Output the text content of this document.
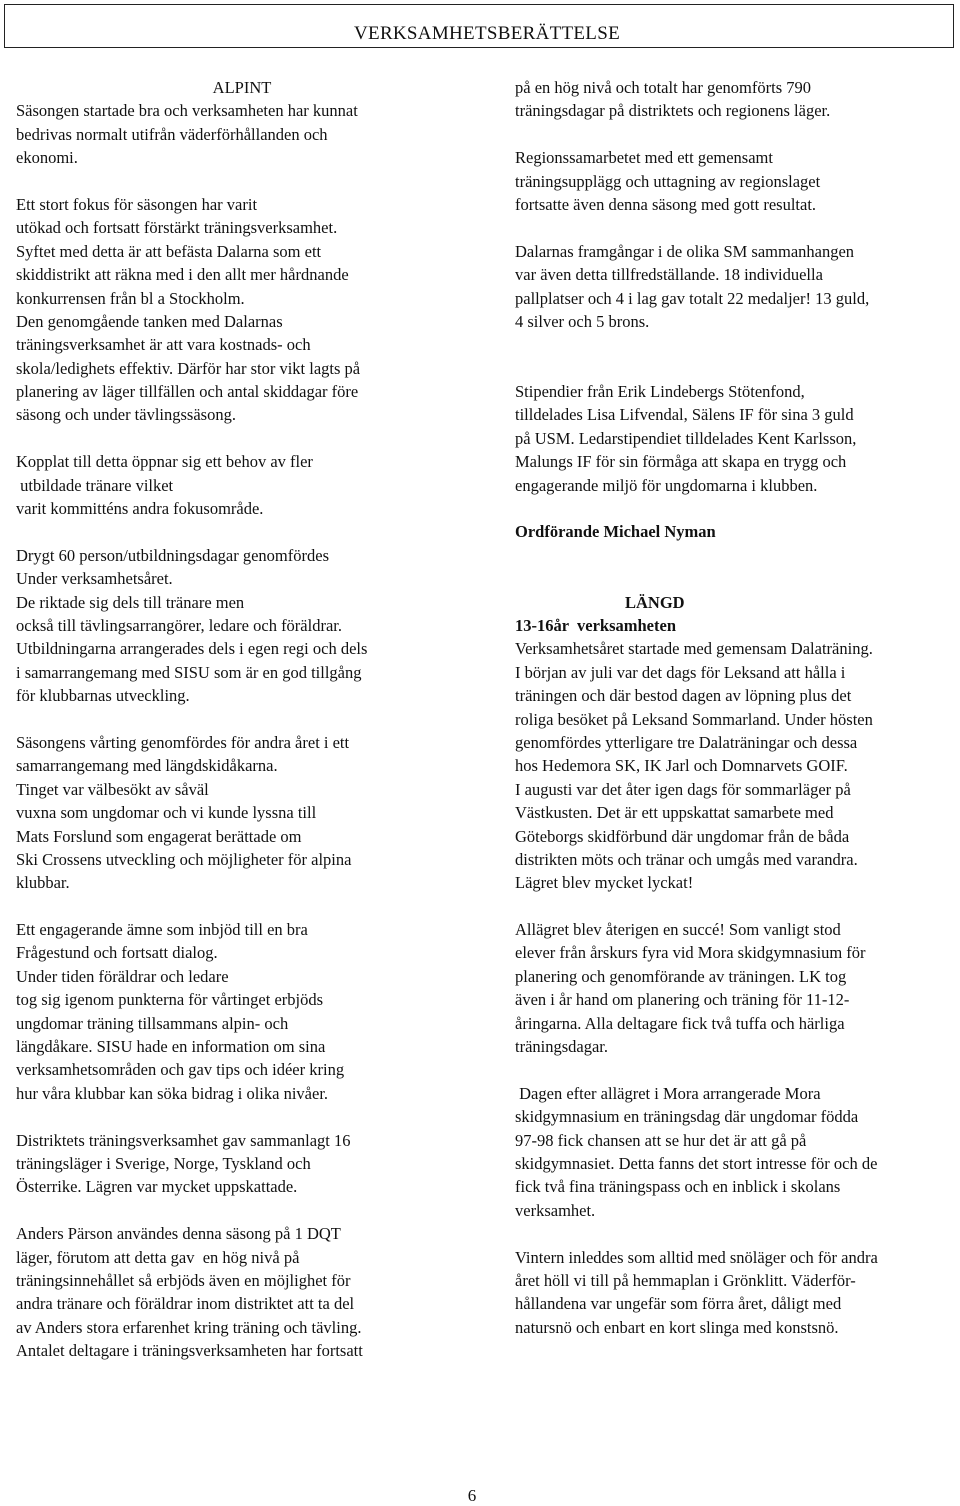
VERKSAMHETSBERÄTTELSE
ALPINT
Säsongen startade bra och verksamheten har kunnat
bedrivas normalt utifrån väderförhållanden och
ekonomi.
Ett stort fokus för säsongen har varit
utökad och fortsatt förstärkt träningsverksamhet.
Syftet med detta är att befästa Dalarna som ett
skiddistrikt att räkna med i den allt mer hårdnande
konkurrensen från bl a Stockholm.
Den genomgående tanken med Dalarnas
träningsverksamhet är att vara kostnads- och
skola/ledighets effektiv. Därför har stor vikt lagts på
planering av läger tillfällen och antal skiddagar före
säsong och under tävlingssäsong.
Kopplat till detta öppnar sig ett behov av fler
utbildade tränare vilket
varit kommitténs andra fokusområde.
Drygt 60 person/utbildningsdagar genomfördes
Under verksamhetsåret.
De riktade sig dels till tränare men
också till tävlingsarrangörer, ledare och föräldrar.
Utbildningarna arrangerades dels i egen regi och dels
i samarrangemang med SISU som är en god tillgång
för klubbarnas utveckling.
Säsongens vårting genomfördes för andra året i ett
samarrangemang med längdskidåkarna.
Tinget var välbesökt av såväl
vuxna som ungdomar och vi kunde lyssna till
Mats Forslund som engagerat berättade om
Ski Crossens utveckling och möjligheter för alpina
klubbar.
Ett engagerande ämne som inbjöd till en bra
Frågestund och fortsatt dialog.
Under tiden föräldrar och ledare
tog sig igenom punkterna för vårtinget erbjöds
ungdomar träning tillsammans alpin- och
längdåkare. SISU hade en information om sina
verksamhetsområden och gav tips och idéer kring
hur våra klubbar kan söka bidrag i olika nivåer.
Distriktets träningsverksamhet gav sammanlagt 16
träningsläger i Sverige, Norge, Tyskland och
Österrike. Lägren var mycket uppskattade.
Anders Pärson användes denna säsong på 1 DQT
läger, förutom att detta gav  en hög nivå på
träningsinnehållet så erbjöds även en möjlighet för
andra tränare och föräldrar inom distriktet att ta del
av Anders stora erfarenhet kring träning och tävling.
Antalet deltagare i träningsverksamheten har fortsatt
på en hög nivå och totalt har genomförts 790
träningsdagar på distriktets och regionens läger.
Regionssamarbetet med ett gemensamt
träningsupplägg och uttagning av regionslaget
fortsatte även denna säsong med gott resultat.
Dalarnas framgångar i de olika SM sammanhangen
var även detta tillfredställande. 18 individuella
pallplatser och 4 i lag gav totalt 22 medaljer! 13 guld,
4 silver och 5 brons.
Stipendier från Erik Lindebergs Stötenfond,
tilldelades Lisa Lifvendal, Sälens IF för sina 3 guld
på USM. Ledarstipendiet tilldelades Kent Karlsson,
Malungs IF för sin förmåga att skapa en trygg och
engagerande miljö för ungdomarna i klubben.
Ordförande Michael Nyman
LÄNGD
13-16år  verksamheten
Verksamhetsåret startade med gemensam Dalaträning.
I början av juli var det dags för Leksand att hålla i
träningen och där bestod dagen av löpning plus det
roliga besöket på Leksand Sommarland. Under hösten
genomfördes ytterligare tre Dalaträningar och dessa
hos Hedemora SK, IK Jarl och Domnarvets GOIF.
I augusti var det åter igen dags för sommarläger på
Västkusten. Det är ett uppskattat samarbete med
Göteborgs skidförbund där ungdomar från de båda
distrikten möts och tränar och umgås med varandra.
Lägret blev mycket lyckat!
Allägret blev återigen en succé! Som vanligt stod
elever från årskurs fyra vid Mora skidgymnasium för
planering och genomförande av träningen. LK tog
även i år hand om planering och träning för 11-12-
åringarna. Alla deltagare fick två tuffa och härliga
träningsdagar.
Dagen efter allägret i Mora arrangerade Mora
skidgymnasium en träningsdag där ungdomar födda
97-98 fick chansen att se hur det är att gå på
skidgymnasiet. Detta fanns det stort intresse för och de
fick två fina träningspass och en inblick i skolans
verksamhet.
Vintern inleddes som alltid med snöläger och för andra
året höll vi till på hemmaplan i Grönklitt. Väderför-
hållandena var ungefär som förra året, dåligt med
natursnö och enbart en kort slinga med konstsnö.
6
